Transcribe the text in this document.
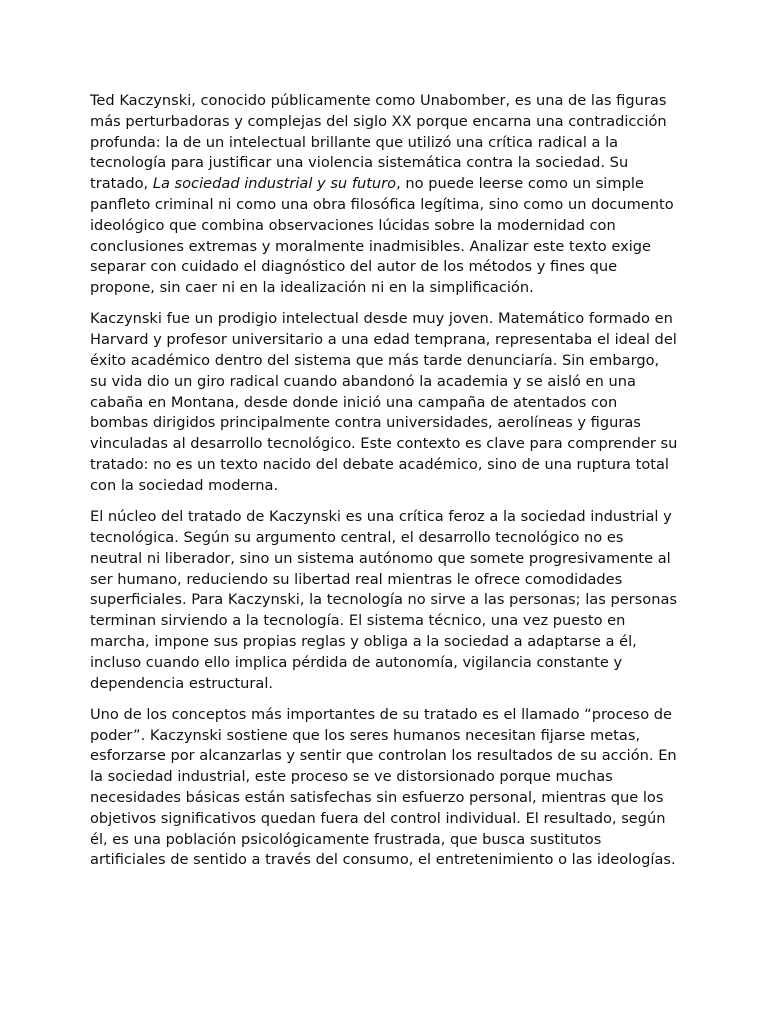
Ted Kaczynski, conocido públicamente como Unabomber, es una de las figuras más perturbadoras y complejas del siglo XX porque encarna una contradicción profunda: la de un intelectual brillante que utilizó una crítica radical a la tecnología para justificar una violencia sistemática contra la sociedad. Su tratado, La sociedad industrial y su futuro, no puede leerse como un simple panfleto criminal ni como una obra filosófica legítima, sino como un documento ideológico que combina observaciones lúcidas sobre la modernidad con conclusiones extremas y moralmente inadmisibles. Analizar este texto exige separar con cuidado el diagnóstico del autor de los métodos y fines que propone, sin caer ni en la idealización ni en la simplificación.

Kaczynski fue un prodigio intelectual desde muy joven. Matemático formado en Harvard y profesor universitario a una edad temprana, representaba el ideal del éxito académico dentro del sistema que más tarde denunciaría. Sin embargo, su vida dio un giro radical cuando abandonó la academia y se aisló en una cabaña en Montana, desde donde inició una campaña de atentados con bombas dirigidos principalmente contra universidades, aerolíneas y figuras vinculadas al desarrollo tecnológico. Este contexto es clave para comprender su tratado: no es un texto nacido del debate académico, sino de una ruptura total con la sociedad moderna.

El núcleo del tratado de Kaczynski es una crítica feroz a la sociedad industrial y tecnológica. Según su argumento central, el desarrollo tecnológico no es neutral ni liberador, sino un sistema autónomo que somete progresivamente al ser humano, reduciendo su libertad real mientras le ofrece comodidades superficiales. Para Kaczynski, la tecnología no sirve a las personas; las personas terminan sirviendo a la tecnología. El sistema técnico, una vez puesto en marcha, impone sus propias reglas y obliga a la sociedad a adaptarse a él, incluso cuando ello implica pérdida de autonomía, vigilancia constante y dependencia estructural.

Uno de los conceptos más importantes de su tratado es el llamado “proceso de poder”. Kaczynski sostiene que los seres humanos necesitan fijarse metas, esforzarse por alcanzarlas y sentir que controlan los resultados de su acción. En la sociedad industrial, este proceso se ve distorsionado porque muchas necesidades básicas están satisfechas sin esfuerzo personal, mientras que los objetivos significativos quedan fuera del control individual. El resultado, según él, es una población psicológicamente frustrada, que busca sustitutos artificiales de sentido a través del consumo, el entretenimiento o las ideologías.
